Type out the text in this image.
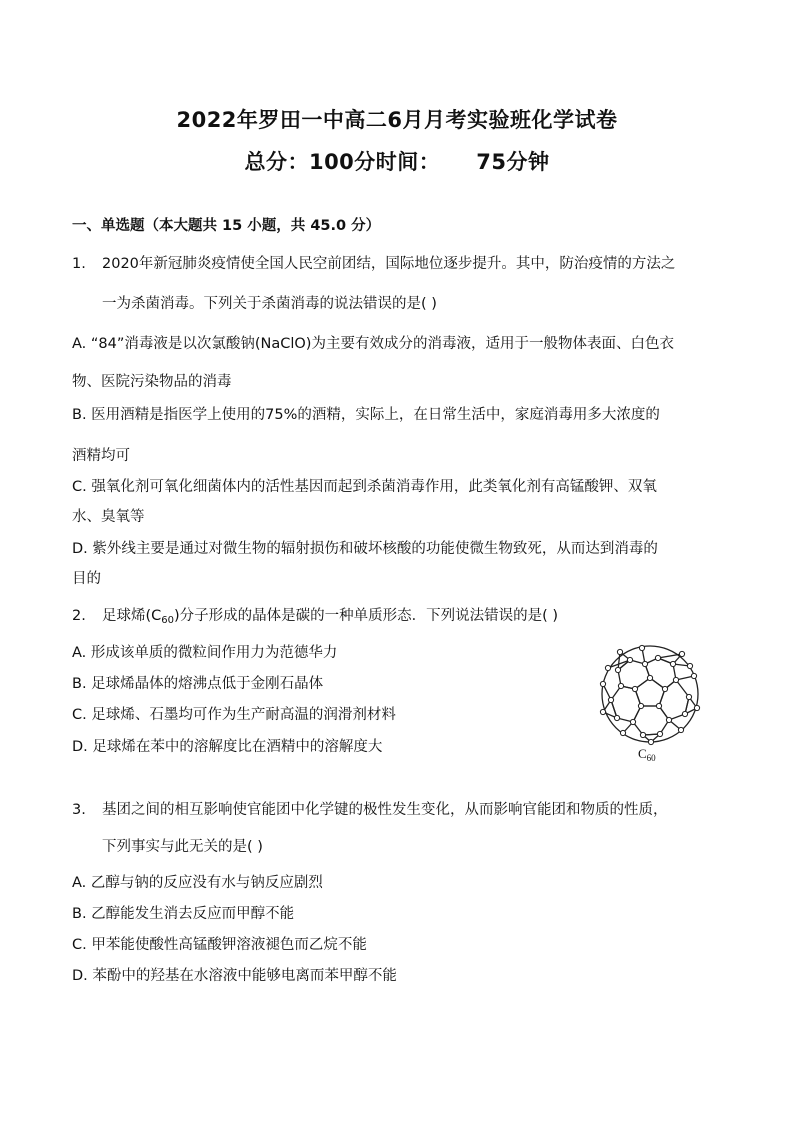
2022年罗田一中高二6月月考实验班化学试卷
总分：100分时间： 75分钟
一、单选题（本大题共 15 小题，共 45.0 分）
1. 2020年新冠肺炎疫情使全国人民空前团结，国际地位逐步提升。其中，防治疫情的方法之
一为杀菌消毒。下列关于杀菌消毒的说法错误的是( )
A. “84”消毒液是以次氯酸钠(NaClO)为主要有效成分的消毒液，适用于一般物体表面、白色衣
物、医院污染物品的消毒
B. 医用酒精是指医学上使用的75%的酒精，实际上，在日常生活中，家庭消毒用多大浓度的
酒精均可
C. 强氧化剂可氧化细菌体内的活性基因而起到杀菌消毒作用，此类氧化剂有高锰酸钾、双氧
水、臭氧等
D. 紫外线主要是通过对微生物的辐射损伤和破坏核酸的功能使微生物致死，从而达到消毒的
目的
2. 足球烯$(C_{60})$分子形成的晶体是碳的一种单质形态．下列说法错误的是( )
A. 形成该单质的微粒间作用力为范德华力
B. 足球烯晶体的熔沸点低于金刚石晶体
C. 足球烯、石墨均可作为生产耐高温的润滑剂材料
D. 足球烯在苯中的溶解度比在酒精中的溶解度大	$C_{60}$
3. 基团之间的相互影响使官能团中化学键的极性发生变化，从而影响官能团和物质的性质，
下列事实与此无关的是( )
A. 乙醇与钠的反应没有水与钠反应剧烈
B. 乙醇能发生消去反应而甲醇不能
C. 甲苯能使酸性高锰酸钾溶液褪色而乙烷不能
D. 苯酚中的羟基在水溶液中能够电离而苯甲醇不能
